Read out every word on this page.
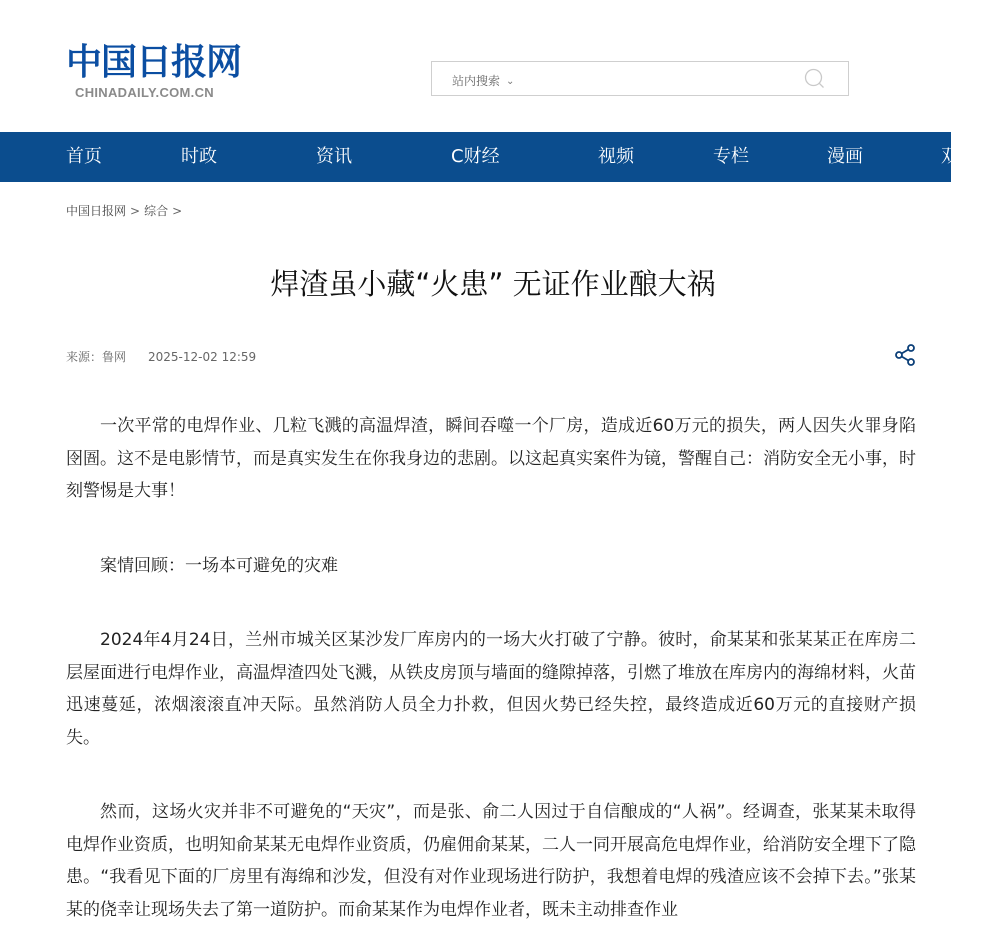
中国日报网
CHINADAILY.COM.CN
站内搜索 ⌄
首页	时政	资讯	C财经	视频	专栏	漫画	双
中国日报网 > 综合 >
焊渣虽小藏“火患” 无证作业酿大祸
来源：鲁网 2025-12-02 12:59

一次平常的电焊作业、几粒飞溅的高温焊渣，瞬间吞噬一个厂房，造成近60万元的损失，两人因失火罪身陷囹圄。这不是电影情节，而是真实发生在你我身边的悲剧。以这起真实案件为镜，警醒自己：消防安全无小事，时刻警惕是大事！

案情回顾：一场本可避免的灾难

2024年4月24日，兰州市城关区某沙发厂库房内的一场大火打破了宁静。彼时，俞某某和张某某正在库房二层屋面进行电焊作业，高温焊渣四处飞溅，从铁皮房顶与墙面的缝隙掉落，引燃了堆放在库房内的海绵材料，火苗迅速蔓延，浓烟滚滚直冲天际。虽然消防人员全力扑救，但因火势已经失控，最终造成近60万元的直接财产损失。

然而，这场火灾并非不可避免的“天灾”，而是张、俞二人因过于自信酿成的“人祸”。经调查，张某某未取得电焊作业资质，也明知俞某某无电焊作业资质，仍雇佣俞某某，二人一同开展高危电焊作业，给消防安全埋下了隐患。“我看见下面的厂房里有海绵和沙发，但没有对作业现场进行防护，我想着电焊的残渣应该不会掉下去。”张某某的侥幸让现场失去了第一道防护。而俞某某作为电焊作业者，既未主动排查作业
